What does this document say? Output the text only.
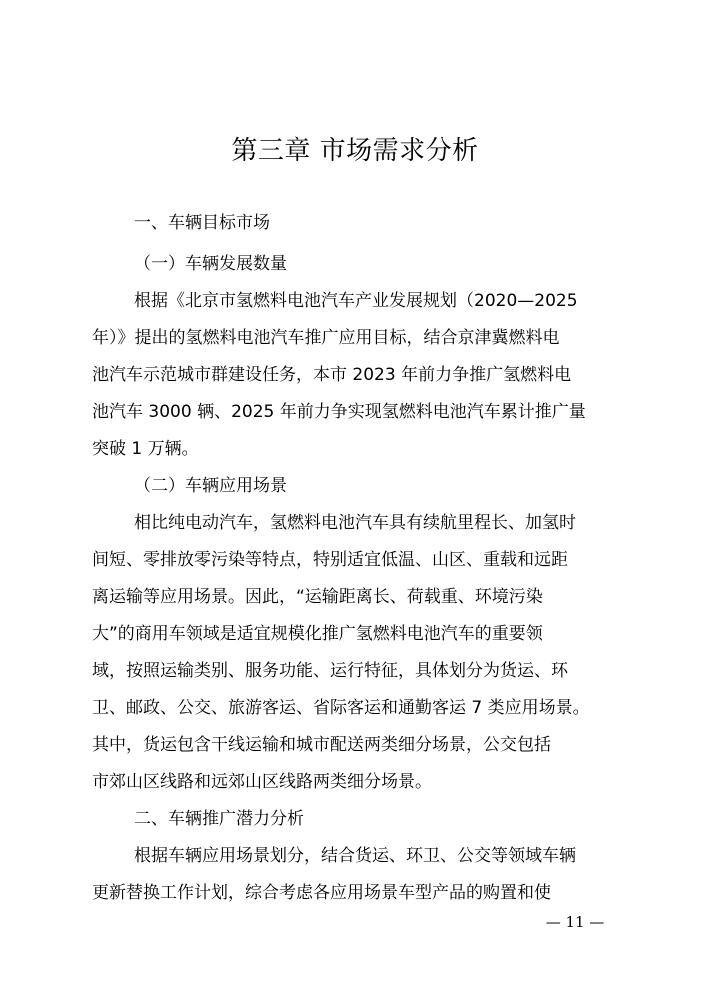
第三章 市场需求分析
一、车辆目标市场
（一）车辆发展数量
根据《北京市氢燃料电池汽车产业发展规划（2020—2025
年）》提出的氢燃料电池汽车推广应用目标，结合京津冀燃料电
池汽车示范城市群建设任务，本市 2023 年前力争推广氢燃料电
池汽车 3000 辆、2025 年前力争实现氢燃料电池汽车累计推广量
突破 1 万辆。
（二）车辆应用场景
相比纯电动汽车，氢燃料电池汽车具有续航里程长、加氢时
间短、零排放零污染等特点，特别适宜低温、山区、重载和远距
离运输等应用场景。因此，“运输距离长、荷载重、环境污染
大”的商用车领域是适宜规模化推广氢燃料电池汽车的重要领
域，按照运输类别、服务功能、运行特征，具体划分为货运、环
卫、邮政、公交、旅游客运、省际客运和通勤客运 7 类应用场景。
其中，货运包含干线运输和城市配送两类细分场景，公交包括
市郊山区线路和远郊山区线路两类细分场景。
二、车辆推广潜力分析
根据车辆应用场景划分，结合货运、环卫、公交等领域车辆
更新替换工作计划，综合考虑各应用场景车型产品的购置和使
— 11 —
